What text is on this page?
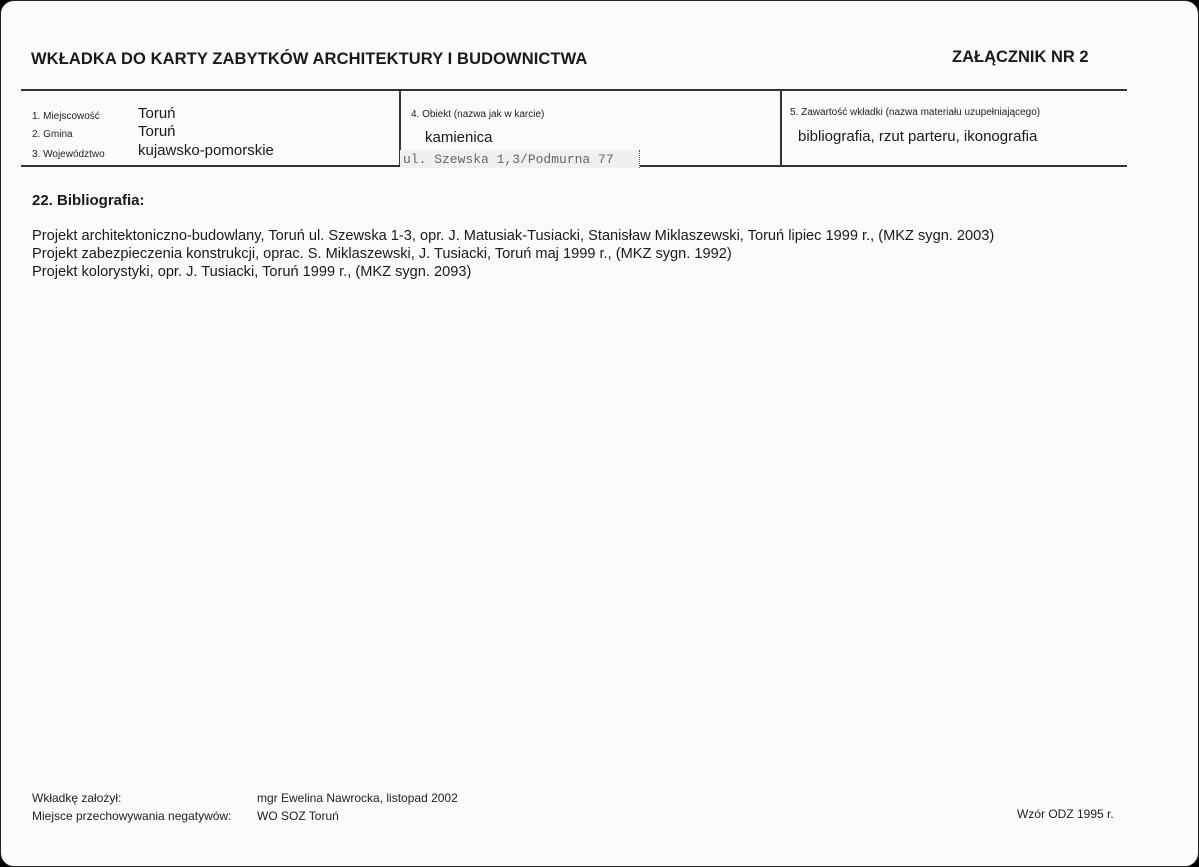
WKŁADKA DO KARTY ZABYTKÓW ARCHITEKTURY I BUDOWNICTWA	ZAŁĄCZNIK NR 2
1. Miejscowość	Toruń
2. Gmina	Toruń
3. Województwo kujawsko-pomorskie
4. Obiekt (nazwa jak w karcie)
kamienica
ul. Szewska 1,3/Podmurna 77
5. Zawartość wkładki (nazwa materiału uzupełniającego)
bibliografia, rzut parteru, ikonografia
22. Bibliografia:
Projekt architektoniczno-budowlany, Toruń ul. Szewska 1-3, opr. J. Matusiak-Tusiacki, Stanisław Miklaszewski, Toruń lipiec 1999 r., (MKZ sygn. 2003)
Projekt zabezpieczenia konstrukcji, oprac. S. Miklaszewski, J. Tusiacki, Toruń maj 1999 r., (MKZ sygn. 1992)
Projekt kolorystyki, opr. J. Tusiacki, Toruń 1999 r., (MKZ sygn. 2093)
Wkładkę założył:	mgr Ewelina Nawrocka, listopad 2002
Miejsce przechowywania negatywów: WO SOZ Toruń	Wzór ODZ 1995 r.
